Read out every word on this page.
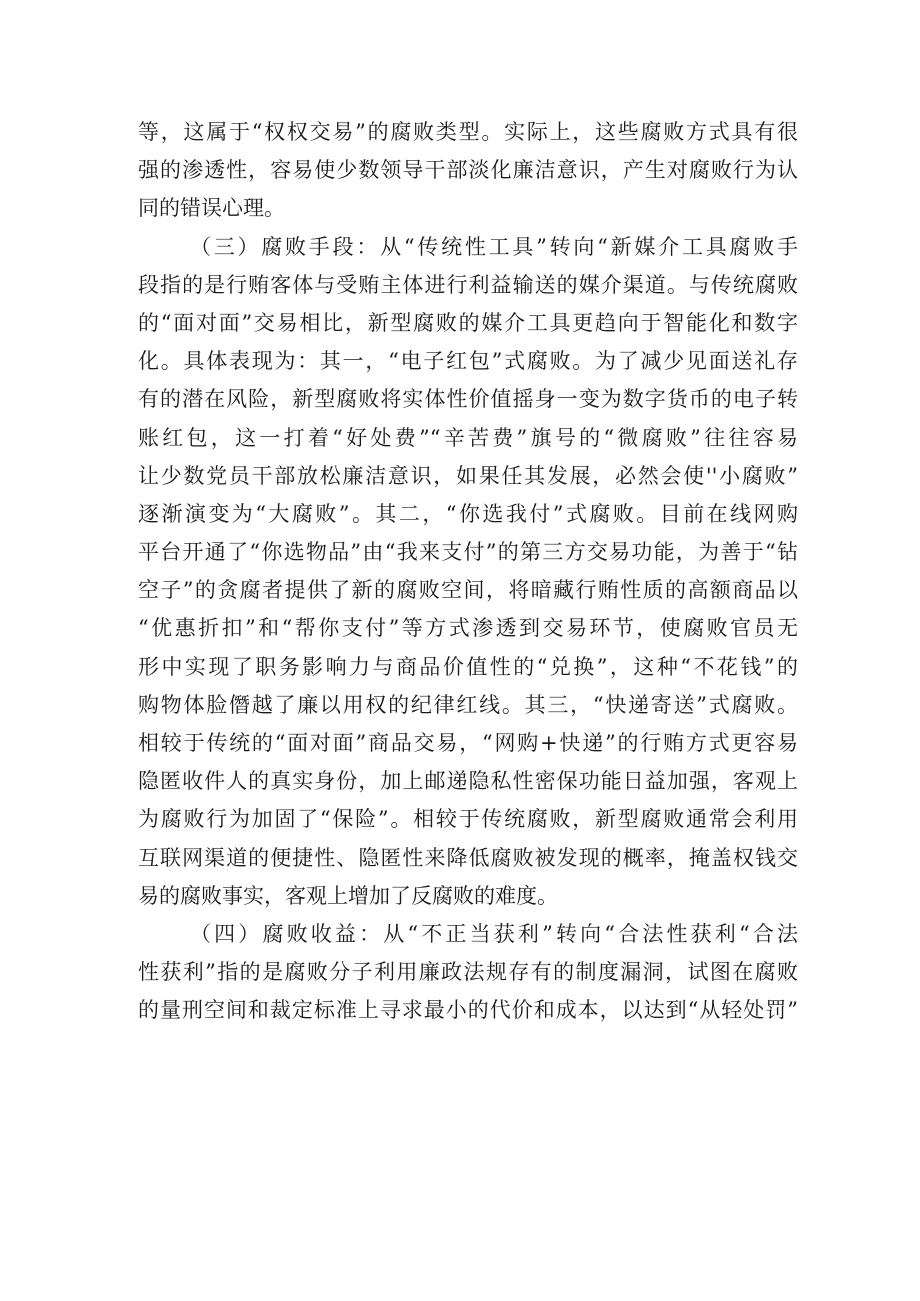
等，这属于“权权交易”的腐败类型。实际上，这些腐败方式具有很
强的渗透性，容易使少数领导干部淡化廉洁意识，产生对腐败行为认
同的错误心理。
（三）腐败手段：从“传统性工具”转向“新媒介工具腐败手
段指的是行贿客体与受贿主体进行利益输送的媒介渠道。与传统腐败
的“面对面”交易相比，新型腐败的媒介工具更趋向于智能化和数字
化。具体表现为：其一，“电子红包”式腐败。为了减少见面送礼存
有的潜在风险，新型腐败将实体性价值摇身一变为数字货币的电子转
账红包，这一打着“好处费”“辛苦费”旗号的“微腐败”往往容易
让少数党员干部放松廉洁意识，如果任其发展，必然会使''小腐败”
逐渐演变为“大腐败”。其二，“你选我付”式腐败。目前在线网购
平台开通了“你选物品”由“我来支付”的第三方交易功能，为善于“钻
空子”的贪腐者提供了新的腐败空间，将暗藏行贿性质的高额商品以
“优惠折扣”和“帮你支付”等方式渗透到交易环节，使腐败官员无
形中实现了职务影响力与商品价值性的“兑换”，这种“不花钱”的
购物体脸僭越了廉以用权的纪律红线。其三，“快递寄送”式腐败。
相较于传统的“面对面”商品交易，“网购+快递”的行贿方式更容易
隐匿收件人的真实身份，加上邮递隐私性密保功能日益加强，客观上
为腐败行为加固了“保险”。相较于传统腐败，新型腐败通常会利用
互联网渠道的便捷性、隐匿性来降低腐败被发现的概率，掩盖权钱交
易的腐败事实，客观上增加了反腐败的难度。
（四）腐败收益：从“不正当获利”转向“合法性获利“合法
性获利”指的是腐败分子利用廉政法规存有的制度漏洞，试图在腐败
的量刑空间和裁定标准上寻求最小的代价和成本，以达到“从轻处罚”
